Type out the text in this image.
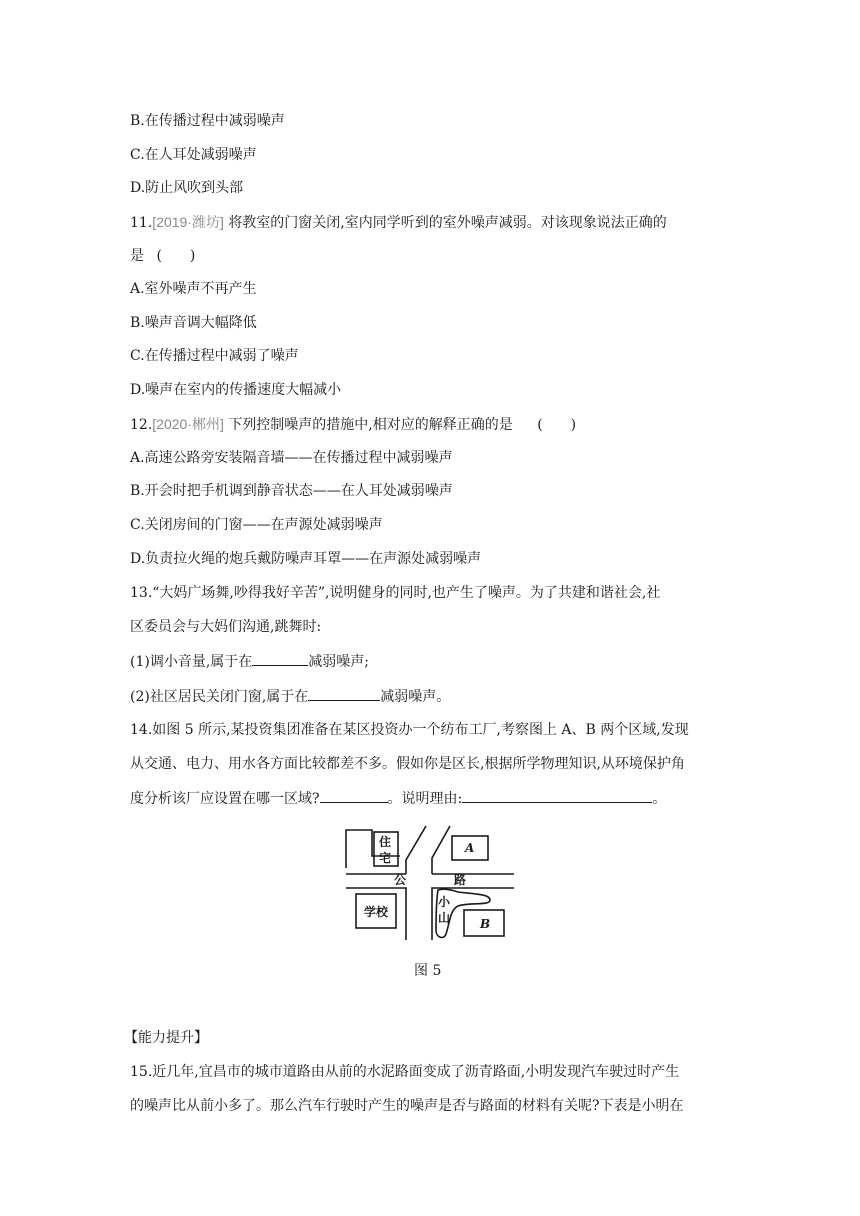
B.在传播过程中减弱噪声
C.在人耳处减弱噪声
D.防止风吹到头部
11.[2019·潍坊] 将教室的门窗关闭,室内同学听到的室外噪声减弱。对该现象说法正确的
是 (　　)
A.室外噪声不再产生
B.噪声音调大幅降低
C.在传播过程中减弱了噪声
D.噪声在室内的传播速度大幅减小
12.[2020·郴州] 下列控制噪声的措施中,相对应的解释正确的是 (　　)
A.高速公路旁安装隔音墙——在传播过程中减弱噪声
B.开会时把手机调到静音状态——在人耳处减弱噪声
C.关闭房间的门窗——在声源处减弱噪声
D.负责拉火绳的炮兵戴防噪声耳罩——在声源处减弱噪声
13.“大妈广场舞,吵得我好辛苦”,说明健身的同时,也产生了噪声。为了共建和谐社会,社
区委员会与大妈们沟通,跳舞时:
(1)调小音量,属于在	减弱噪声;
(2)社区居民关闭门窗,属于在	减弱噪声。
14.如图 5 所示,某投资集团准备在某区投资办一个纺布工厂,考察图上 A、B 两个区域,发现
从交通、电力、用水各方面比较都差不多。假如你是区长,根据所学物理知识,从环境保护角
度分析该厂应设置在哪一区域?	。说明理由:	。
住
宅
A
公	路
学校
小
山 B
图 5
【能力提升】
15.近几年,宜昌市的城市道路由从前的水泥路面变成了沥青路面,小明发现汽车驶过时产生
的噪声比从前小多了。那么汽车行驶时产生的噪声是否与路面的材料有关呢?下表是小明在
